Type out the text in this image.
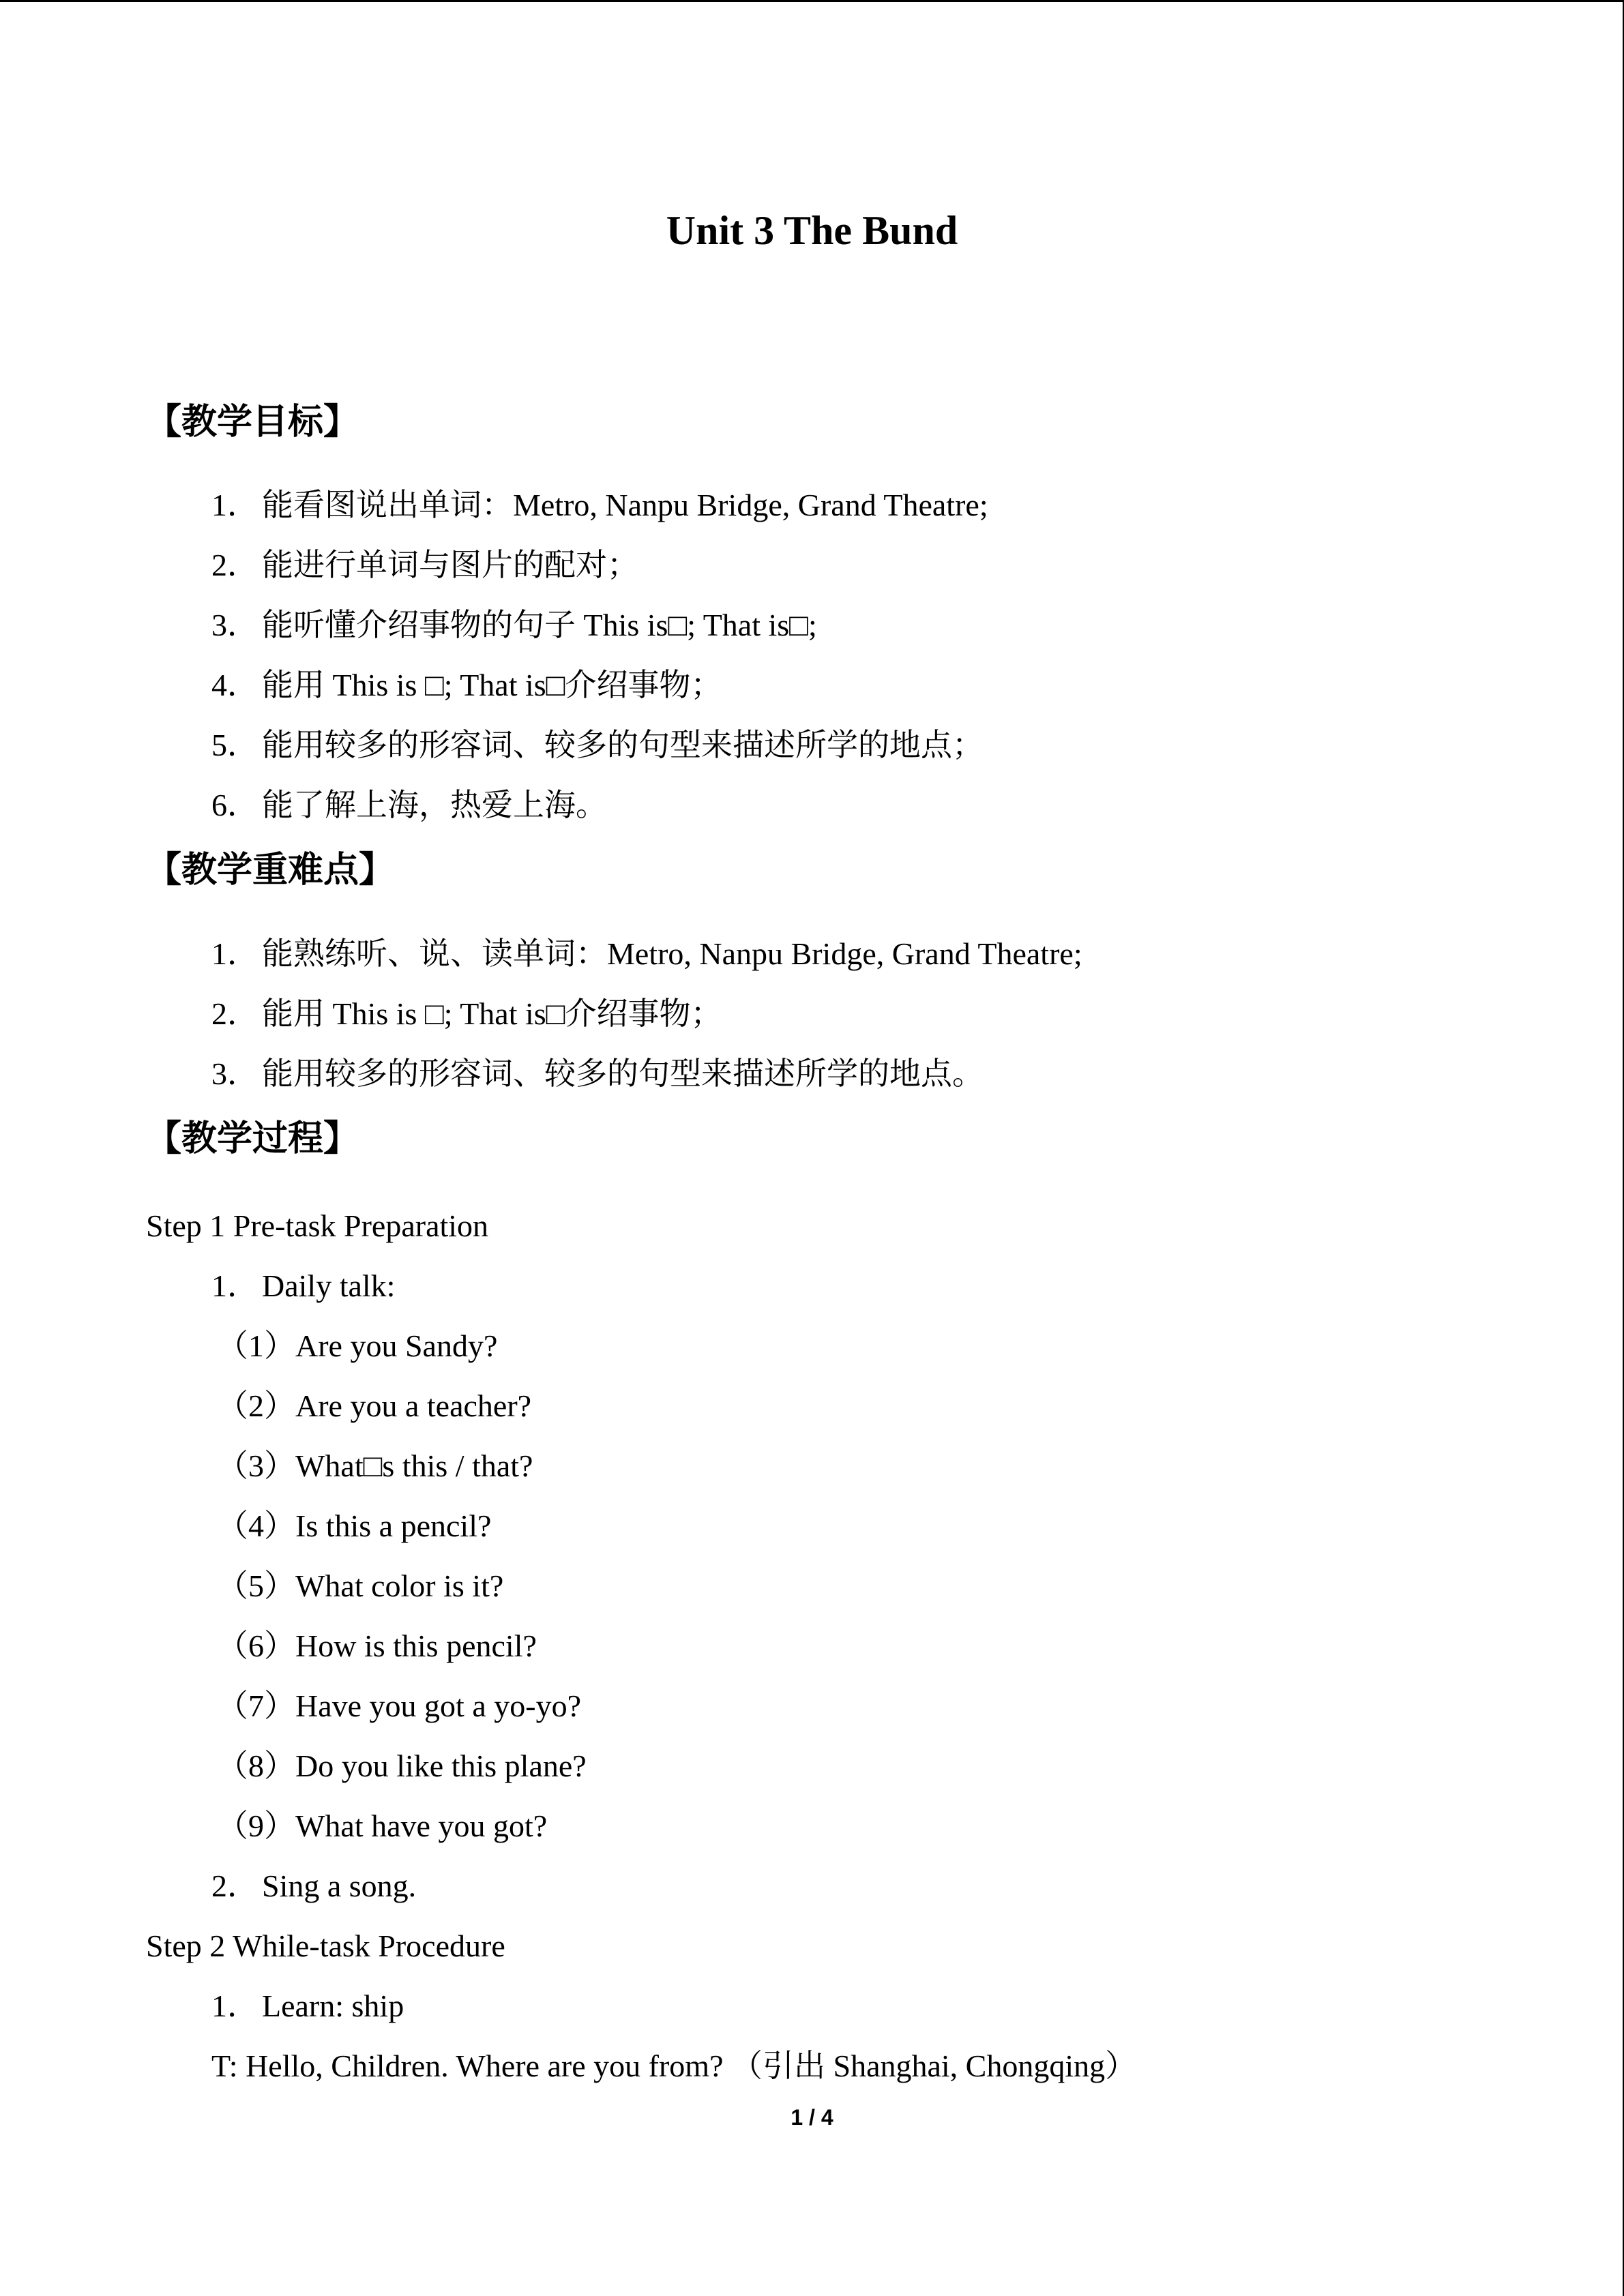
Unit 3 The Bund
【教学目标】
1． 能看图说出单词：Metro, Nanpu Bridge, Grand Theatre;
2． 能进行单词与图片的配对；
3． 能听懂介绍事物的句子 This is□; That is□;
4． 能用 This is □; That is□介绍事物；
5． 能用较多的形容词、较多的句型来描述所学的地点；
6． 能了解上海，热爱上海。
【教学重难点】
1． 能熟练听、说、读单词：Metro, Nanpu Bridge, Grand Theatre;
2． 能用 This is □; That is□介绍事物；
3． 能用较多的形容词、较多的句型来描述所学的地点。
【教学过程】
Step 1 Pre-task Preparation
1． Daily talk:
（1）Are you Sandy?
（2）Are you a teacher?
（3）What□s this / that?
（4）Is this a pencil?
（5）What color is it?
（6）How is this pencil?
（7）Have you got a yo-yo?
（8）Do you like this plane?
（9）What have you got?
2． Sing a song.
Step 2 While-task Procedure
1． Learn: ship
T: Hello, Children. Where are you from? （引出 Shanghai, Chongqing）
1 / 4
